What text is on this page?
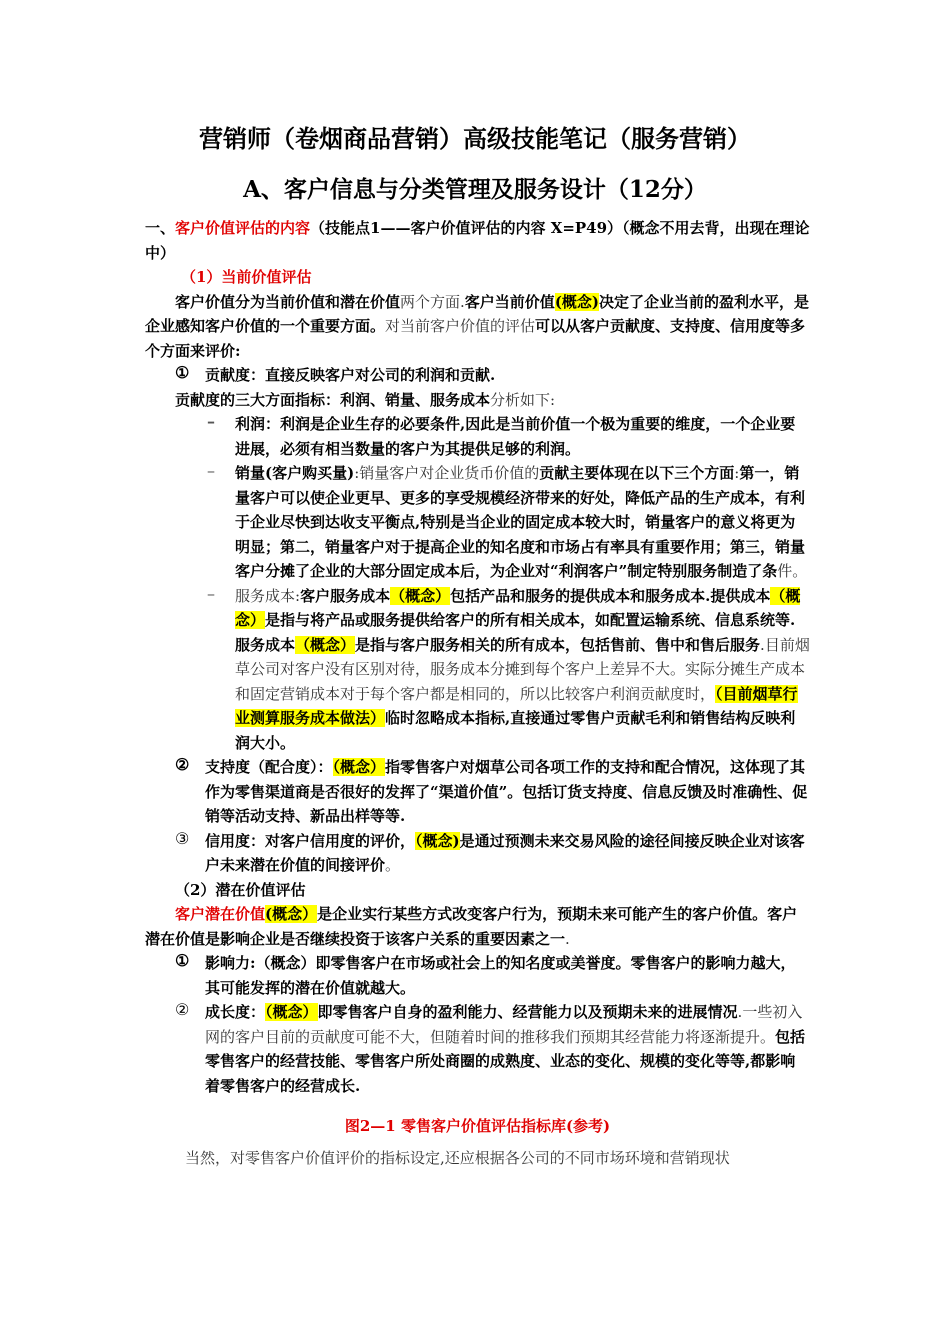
营销师（卷烟商品营销）高级技能笔记（服务营销）
A、客户信息与分类管理及服务设计（12分）

一、客户价值评估的内容（技能点1——客户价值评估的内容 X=P49）（概念不用去背，出现在理论中）

（1）当前价值评估

客户价值分为当前价值和潜在价值两个方面.客户当前价值(概念)决定了企业当前的盈利水平，是企业感知客户价值的一个重要方面。对当前客户价值的评估可以从客户贡献度、支持度、信用度等多个方面来评价:

①	贡献度：直接反映客户对公司的利润和贡献.

贡献度的三大方面指标：利润、销量、服务成本分析如下:

–	利润：利润是企业生存的必要条件,因此是当前价值一个极为重要的维度，一个企业要进展，必须有相当数量的客户为其提供足够的利润。

–	销量(客户购买量):销量客户对企业货币价值的贡献主要体现在以下三个方面:第一，销量客户可以使企业更早、更多的享受规模经济带来的好处，降低产品的生产成本，有利于企业尽快到达收支平衡点,特别是当企业的固定成本较大时，销量客户的意义将更为明显；第二，销量客户对于提高企业的知名度和市场占有率具有重要作用；第三，销量客户分摊了企业的大部分固定成本后，为企业对“利润客户”制定特别服务制造了条件。

–	服务成本:客户服务成本（概念）包括产品和服务的提供成本和服务成本.提供成本（概念）是指与将产品或服务提供给客户的所有相关成本，如配置运输系统、信息系统等.服务成本（概念）是指与客户服务相关的所有成本，包括售前、售中和售后服务.目前烟草公司对客户没有区别对待，服务成本分摊到每个客户上差异不大。实际分摊生产成本和固定营销成本对于每个客户都是相同的，所以比较客户利润贡献度时，（目前烟草行业测算服务成本做法）临时忽略成本指标,直接通过零售户贡献毛利和销售结构反映利润大小。

②	支持度（配合度）：（概念）指零售客户对烟草公司各项工作的支持和配合情况，这体现了其作为零售渠道商是否很好的发挥了“渠道价值”。包括订货支持度、信息反馈及时准确性、促销等活动支持、新品出样等等.

③	信用度：对客户信用度的评价，（概念)是通过预测未来交易风险的途径间接反映企业对该客户未来潜在价值的间接评价。

（2）潜在价值评估

客户潜在价值(概念）是企业实行某些方式改变客户行为，预期未来可能产生的客户价值。客户潜在价值是影响企业是否继续投资于该客户关系的重要因素之一.

①	影响力:（概念）即零售客户在市场或社会上的知名度或美誉度。零售客户的影响力越大，其可能发挥的潜在价值就越大。

②	成长度：（概念）即零售客户自身的盈利能力、经营能力以及预期未来的进展情况.一些初入网的客户目前的贡献度可能不大，但随着时间的推移我们预期其经营能力将逐渐提升。包括零售客户的经营技能、零售客户所处商圈的成熟度、业态的变化、规模的变化等等,都影响着零售客户的经营成长.

图2—1 零售客户价值评估指标库(参考)

当然，对零售客户价值评价的指标设定,还应根据各公司的不同市场环境和营销现状
